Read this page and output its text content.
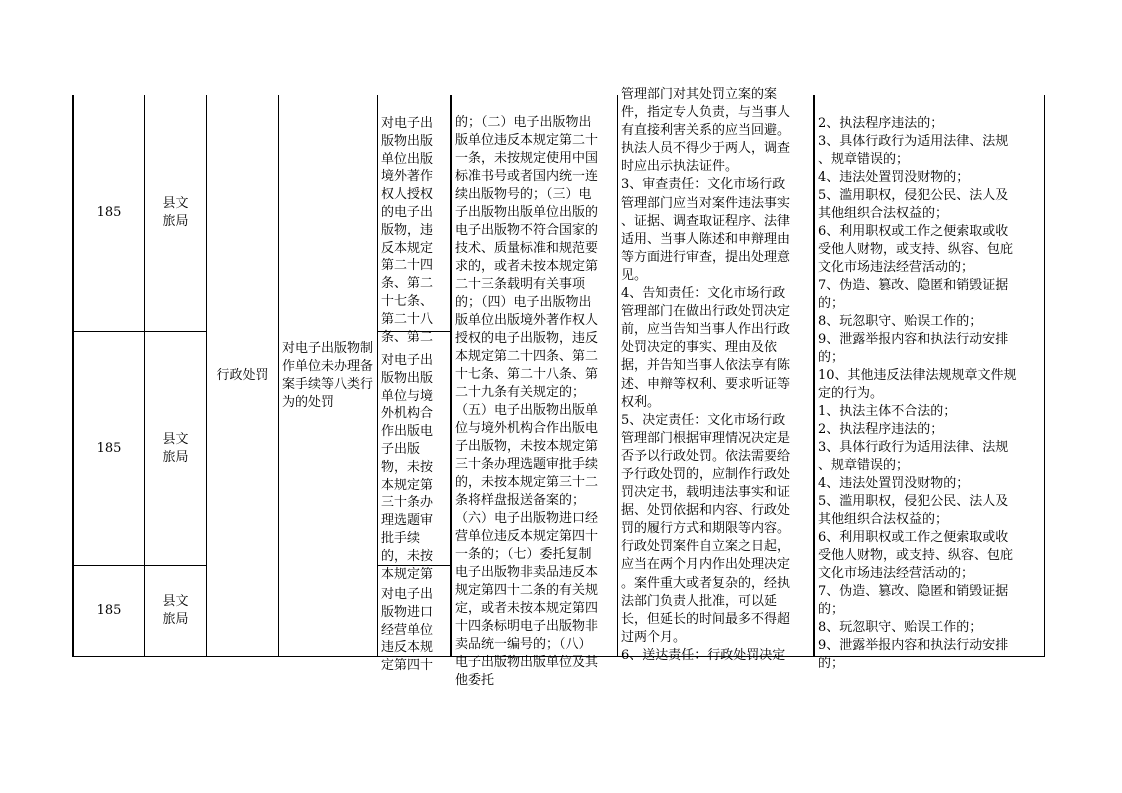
185
县文旅局
185
县文旅局
185
县文旅局
行政处罚
对电子出版物制作单位未办理备案手续等八类行为的处罚

对电子出
版物出版
单位出版
境外著作
权人授权
的电子出
版物，违
反本规定
第二十四
条、第二
十七条、
第二十八
条、第二

对电子出
版物出版
单位与境
外机构合
作出版电
子出版
物，未按
本规定第
三十条办
理选题审
批手续
的，未按
本规定第

对电子出
版物进口
经营单位
违反本规
定第四十

的；（二）电子出版物出
版单位违反本规定第二十
一条，未按规定使用中国
标准书号或者国内统一连
续出版物号的；（三）电
子出版物出版单位出版的
电子出版物不符合国家的
技术、质量标准和规范要
求的，或者未按本规定第
二十三条载明有关事项
的；（四）电子出版物出
版单位出版境外著作权人
授权的电子出版物，违反
本规定第二十四条、第二
十七条、第二十八条、第
二十九条有关规定的；
（五）电子出版物出版单
位与境外机构合作出版电
子出版物，未按本规定第
三十条办理选题审批手续
的，未按本规定第三十二
条将样盘报送备案的；
（六）电子出版物进口经
营单位违反本规定第四十
一条的；（七）委托复制
电子出版物非卖品违反本
规定第四十二条的有关规
定，或者未按本规定第四
十四条标明电子出版物非
卖品统一编号的；（八）
电子出版物出版单位及其
他委托

管理部门对其处罚立案的案
件，指定专人负责，与当事人
有直接利害关系的应当回避。
执法人员不得少于两人，调查
时应出示执法证件。
3、审查责任：文化市场行政
管理部门应当对案件违法事实
、证据、调查取证程序、法律
适用、当事人陈述和申辩理由
等方面进行审查，提出处理意
见。
4、告知责任：文化市场行政
管理部门在做出行政处罚决定
前，应当告知当事人作出行政
处罚决定的事实、理由及依
据，并告知当事人依法享有陈
述、申辩等权利、要求听证等
权利。
5、决定责任：文化市场行政
管理部门根据审理情况决定是
否予以行政处罚。依法需要给
予行政处罚的，应制作行政处
罚决定书，载明违法事实和证
据、处罚依据和内容、行政处
罚的履行方式和期限等内容。
行政处罚案件自立案之日起，
应当在两个月内作出处理决定
。案件重大或者复杂的，经执
法部门负责人批准，可以延
长，但延长的时间最多不得超
过两个月。
6、送达责任：行政处罚决定

2、执法程序违法的；
3、具体行政行为适用法律、法规
、规章错误的；
4、违法处置罚没财物的；
5、滥用职权，侵犯公民、法人及
其他组织合法权益的；
6、利用职权或工作之便索取或收
受他人财物，或支持、纵容、包庇
文化市场违法经营活动的；
7、伪造、篡改、隐匿和销毁证据
的；
8、玩忽职守、贻误工作的；
9、泄露举报内容和执法行动安排
的；
10、其他违反法律法规规章文件规
定的行为。
1、执法主体不合法的；
2、执法程序违法的；
3、具体行政行为适用法律、法规
、规章错误的；
4、违法处置罚没财物的；
5、滥用职权，侵犯公民、法人及
其他组织合法权益的；
6、利用职权或工作之便索取或收
受他人财物，或支持、纵容、包庇
文化市场违法经营活动的；
7、伪造、篡改、隐匿和销毁证据
的；
8、玩忽职守、贻误工作的；
9、泄露举报内容和执法行动安排
的；
